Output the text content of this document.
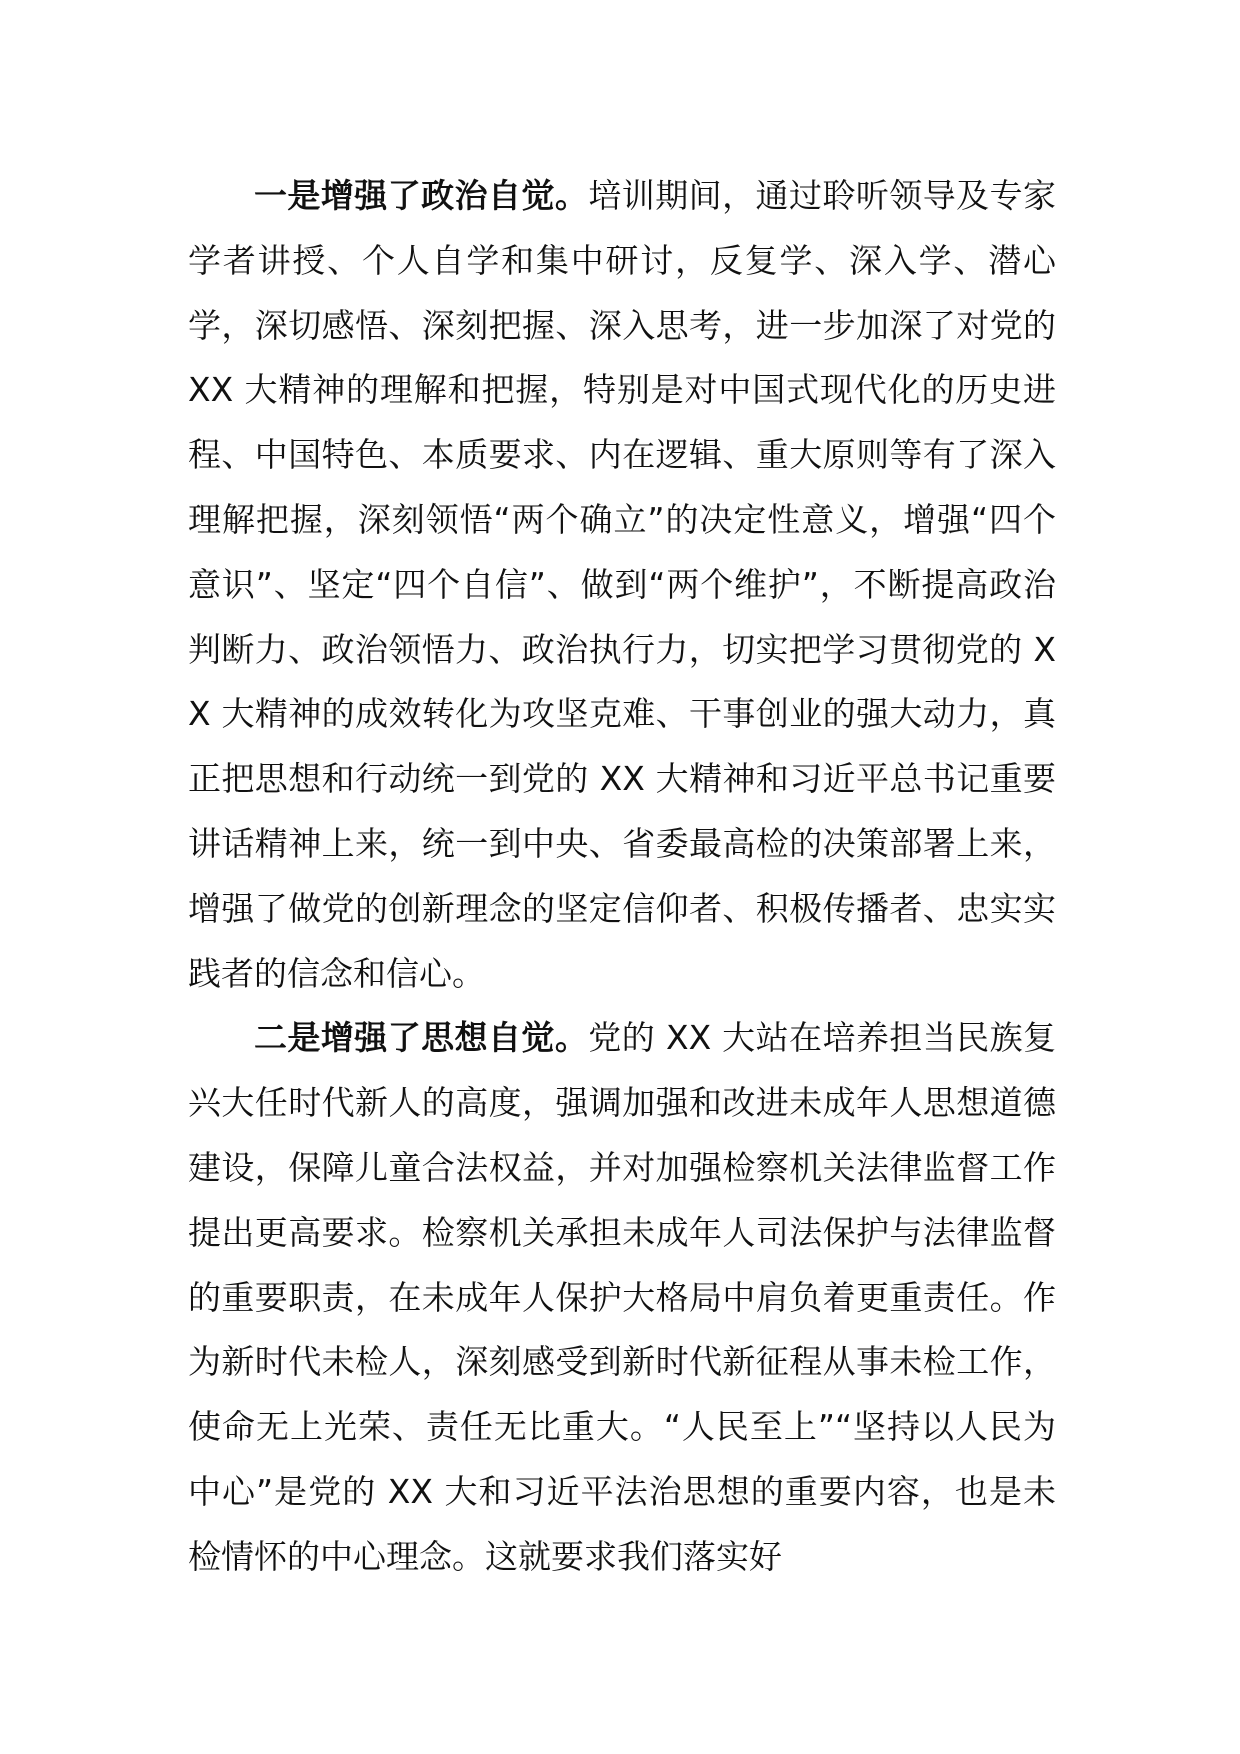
一是增强了政治自觉。培训期间，通过聆听领导及专家学者讲授、个人自学和集中研讨，反复学、深入学、潜心学，深切感悟、深刻把握、深入思考，进一步加深了对党的 XX 大精神的理解和把握，特别是对中国式现代化的历史进程、中国特色、本质要求、内在逻辑、重大原则等有了深入理解把握，深刻领悟“两个确立”的决定性意义，增强“四个意识”、坚定“四个自信”、做到“两个维护”，不断提高政治判断力、政治领悟力、政治执行力，切实把学习贯彻党的 XX 大精神的成效转化为攻坚克难、干事创业的强大动力，真正把思想和行动统一到党的 XX 大精神和习近平总书记重要讲话精神上来，统一到中央、省委最高检的决策部署上来，增强了做党的创新理念的坚定信仰者、积极传播者、忠实实践者的信念和信心。

二是增强了思想自觉。党的 XX 大站在培养担当民族复兴大任时代新人的高度，强调加强和改进未成年人思想道德建设，保障儿童合法权益，并对加强检察机关法律监督工作提出更高要求。检察机关承担未成年人司法保护与法律监督的重要职责，在未成年人保护大格局中肩负着更重责任。作为新时代未检人，深刻感受到新时代新征程从事未检工作，使命无上光荣、责任无比重大。“人民至上”“坚持以人民为中心”是党的 XX 大和习近平法治思想的重要内容，也是未检情怀的中心理念。这就要求我们落实好
